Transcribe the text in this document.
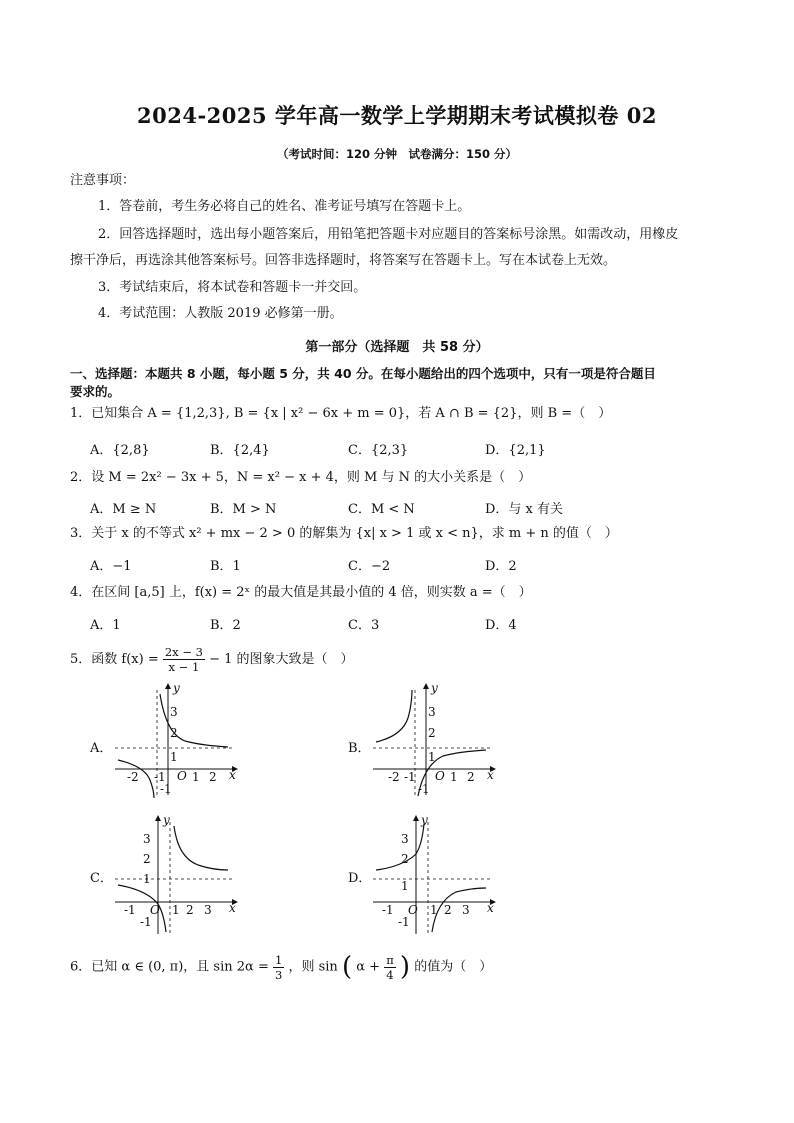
2024-2025 学年高一数学上学期期末考试模拟卷 02
（考试时间：120 分钟　试卷满分：150 分）
注意事项：
1．答卷前，考生务必将自己的姓名、准考证号填写在答题卡上。
2．回答选择题时，选出每小题答案后，用铅笔把答题卡对应题目的答案标号涂黑。如需改动，用橡皮
擦干净后，再选涂其他答案标号。回答非选择题时，将答案写在答题卡上。写在本试卷上无效。
3．考试结束后，将本试卷和答题卡一并交回。
4．考试范围：人教版 2019 必修第一册。
第一部分（选择题　共 58 分）
一、选择题：本题共 8 小题，每小题 5 分，共 40 分。在每小题给出的四个选项中，只有一项是符合题目
要求的。
1．已知集合 A = {1,2,3}, B = {x | x² − 6x + m = 0}，若 A ∩ B = {2}，则 B =（　）
A．{2,8}	B．{2,4}	C．{2,3}	D．{2,1}
2．设 M = 2x² − 3x + 5，N = x² − x + 4，则 M 与 N 的大小关系是（　）
A．M ≥ N	B．M > N	C．M < N	D．与 x 有关
3．关于 x 的不等式 x² + mx − 2 > 0 的解集为 {x| x > 1 或 x < n}，求 m + n 的值（　）
A．−1	B．1	C．−2	D．2
4．在区间 [a,5] 上，f(x) = 2ˣ 的最大值是其最小值的 4 倍，则实数 a =（　）
A．1	B．2	C．3	D．4
5．函数 $f(x) = \frac{2x - 3}{x - 1} - 1$ 的图象大致是（　）
A．	B．
C．	D．
y
x
O
-2 -1 1 2
3
2
1
-1
y
x
O
-2 -1	1 2
3
2
1
-1
y
x
O
-1	1 2 3
3
2
1
-1
y
x
O
-1	1 2 3
3
2
1
-1
6．已知 α ∈ (0, π)，且 $\sin 2\alpha = \frac{1}{3}$ ，则 sin ( $\alpha + \frac{\pi}{4}$ ) 的值为（　）
